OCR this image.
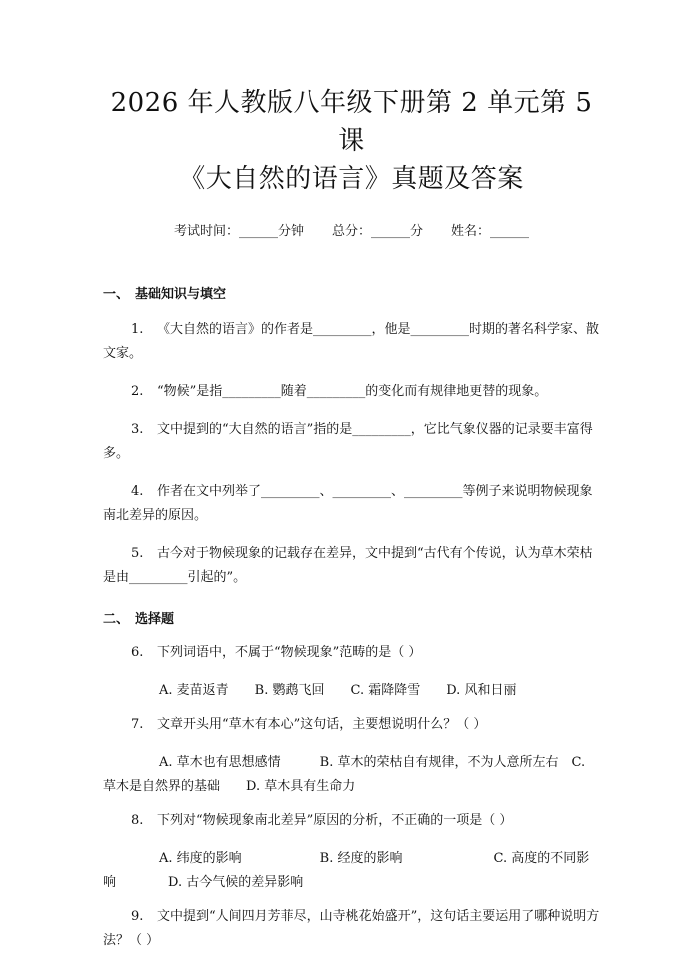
2026 年人教版八年级下册第 2 单元第 5 课
《大自然的语言》真题及答案
考试时间：______分钟 总分：______分 姓名：______
一、 基础知识与填空

1. 《大自然的语言》的作者是_________，他是_________时期的著名科学家、散文家。

2. “物候”是指_________随着_________的变化而有规律地更替的现象。

3. 文中提到的“大自然的语言”指的是_________，它比气象仪器的记录要丰富得多。

4. 作者在文中列举了_________、_________、_________等例子来说明物候现象南北差异的原因。

5. 古今对于物候现象的记载存在差异，文中提到“古代有个传说，认为草木荣枯是由_________引起的”。

二、 选择题

6. 下列词语中，不属于“物候现象”范畴的是（ ）

A. 麦苗返青　　B. 鹦鹉飞回　　C. 霜降降雪　　D. 风和日丽

7. 文章开头用“草木有本心”这句话，主要想说明什么？（ ）

A. 草木也有思想感情　　　B. 草木的荣枯自有规律，不为人意所左右　C. 草木是自然界的基础　　D. 草木具有生命力

8. 下列对“物候现象南北差异”原因的分析，不正确的一项是（ ）

A. 纬度的影响　　　　　　B. 经度的影响　　　　　　　C. 高度的不同影响　　　　D. 古今气候的差异影响

9. 文中提到“人间四月芳菲尽，山寺桃花始盛开”，这句话主要运用了哪种说明方法？（ ）
